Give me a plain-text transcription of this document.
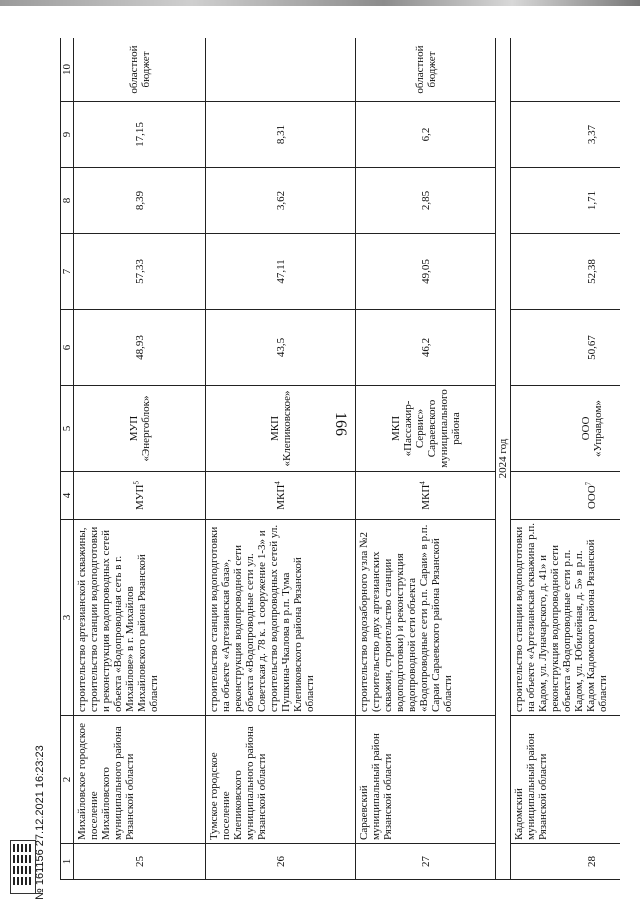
166
1	2	3	4	5	6	7	8	9	10
25	Михайловское городское поселение Михайловского муниципального района Рязанской области	строительство артезианской скважины, строительство станции водоподготовки и реконструкция водопроводных сетей объекта «Водопроводная сеть в г. Михайлове» в г. Михайлов Михайловского района Рязанской области	МУП$^5$	МУП «Энергоблок»	48,93	57,33	8,39	17,15	областной бюджет
26	Тумское городское поселение Клепиковского муниципального района Рязанской области	строительство станции водоподготовки на объекте «Артезианская база», реконструкция водопроводной сети объекта «Водопроводные сети ул. Советская д. 78 к. 1 сооружение 1-3» и строительство водопроводных сетей ул. Пушкина-Чкалова в р.п. Тума Клепиковского района Рязанской области	МКП$^4$	МКП «Клепиковское»	43,5	47,11	3,62	8,31	
27	Сараевский муниципальный район Рязанской области	строительство водозаборного узла №2 (строительство двух артезианских скважин, строительство станции водоподготовки) и реконструкция водопроводной сети объекта «Водопроводные сети р.п. Сараи» в р.п. Сараи Сараевского района Рязанской области	МКП$^4$	МКП «Пассажир-Сервис» Сараевского муниципального района	46,2	49,05	2,85	6,2	областной бюджет
2024 год									
28	Кадомский муниципальный район Рязанской области	строительство станции водоподготовки на объекте «Артезианская скважина р.п. Кадом, ул. Луначарского, д. 41» и реконструкция водопроводной сети объекта «Водопроводные сети р.п. Кадом, ул. Юбилейная, д. 5» в р.п. Кадом Кадомского района Рязанской области	ООО$^7$	ООО «Управдом»	50,67	52,38	1,71	3,37	
№ 161156 27.12.2021 16:23:23
